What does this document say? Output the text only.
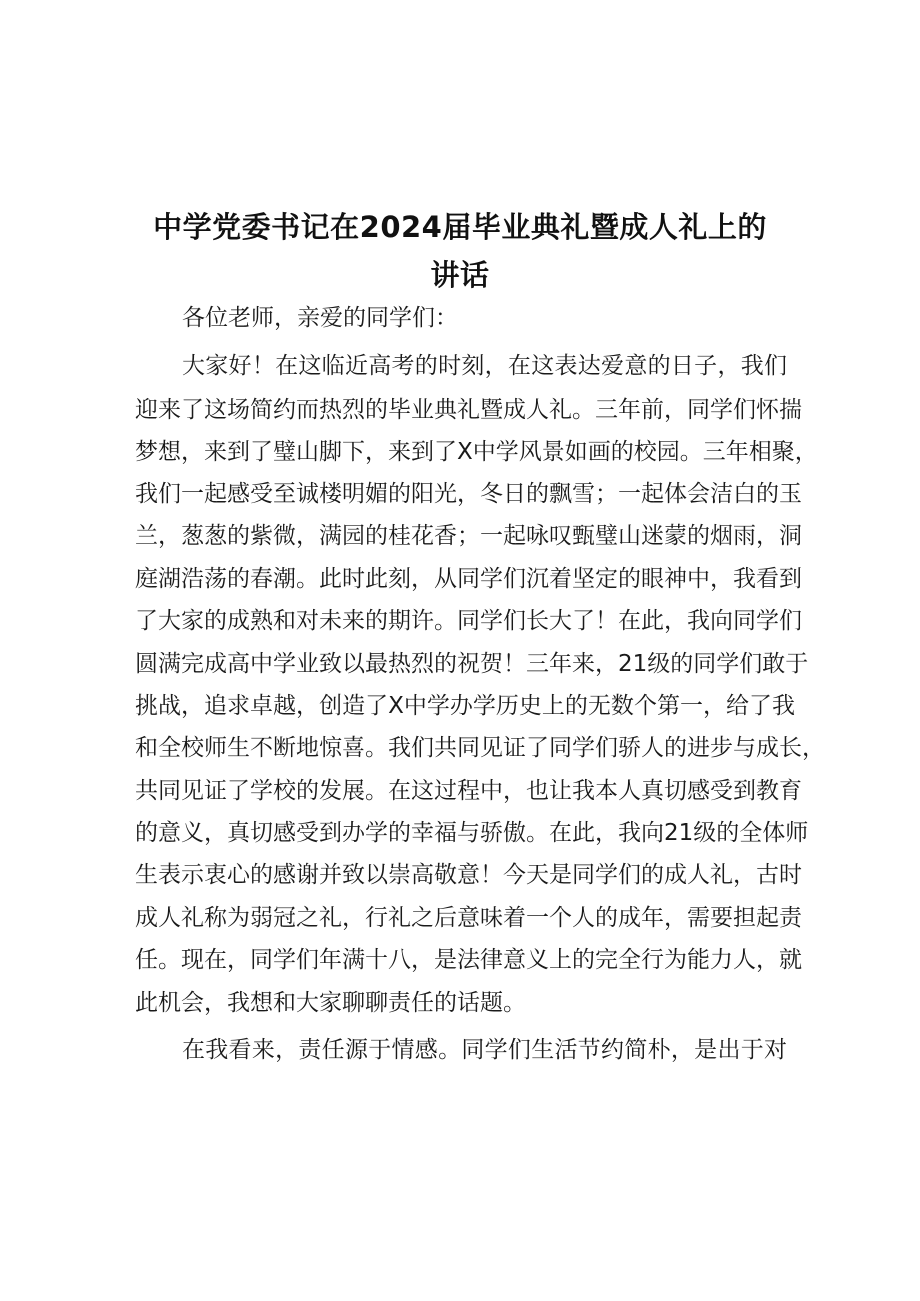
中学党委书记在2024届毕业典礼暨成人礼上的
讲话
各位老师，亲爱的同学们：
大家好！在这临近高考的时刻，在这表达爱意的日子，我们
迎来了这场简约而热烈的毕业典礼暨成人礼。三年前，同学们怀揣
梦想，来到了璧山脚下，来到了X中学风景如画的校园。三年相聚，
我们一起感受至诚楼明媚的阳光，冬日的飘雪；一起体会洁白的玉
兰，葱葱的紫微，满园的桂花香；一起咏叹甄璧山迷蒙的烟雨，洞
庭湖浩荡的春潮。此时此刻，从同学们沉着坚定的眼神中，我看到
了大家的成熟和对未来的期许。同学们长大了！在此，我向同学们
圆满完成高中学业致以最热烈的祝贺！三年来，21级的同学们敢于
挑战，追求卓越，创造了X中学办学历史上的无数个第一，给了我
和全校师生不断地惊喜。我们共同见证了同学们骄人的进步与成长，
共同见证了学校的发展。在这过程中，也让我本人真切感受到教育
的意义，真切感受到办学的幸福与骄傲。在此，我向21级的全体师
生表示衷心的感谢并致以崇高敬意！今天是同学们的成人礼，古时
成人礼称为弱冠之礼，行礼之后意味着一个人的成年，需要担起责
任。现在，同学们年满十八，是法律意义上的完全行为能力人，就
此机会，我想和大家聊聊责任的话题。
在我看来，责任源于情感。同学们生活节约简朴，是出于对
